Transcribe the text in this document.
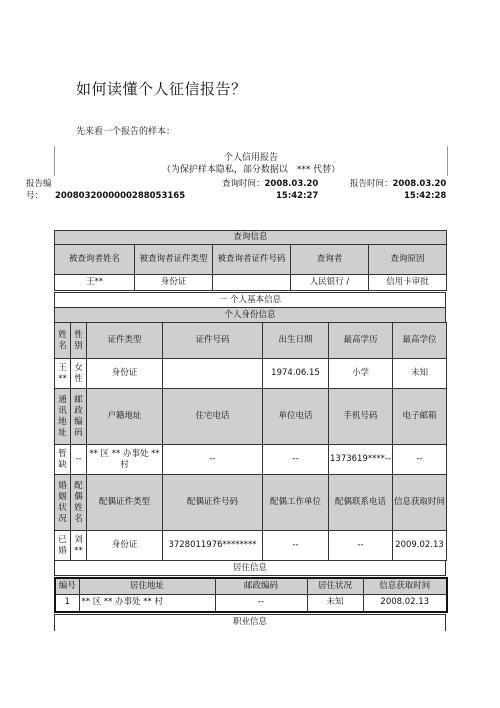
如何读懂个人征信报告？
先来看一个报告的样本：
个人信用报告
（为保护样本隐私，部分数据以　*** 代替）
报告编
号： 2008032000000288053165
查询时间：2008.03.20
15:42:27
报告时间：2008.03.20
15:42:28
查询信息				
被查询者姓名	被查询者证件类型	被查询者证件号码	查询者	查询原因
王**	身份证		人民银行 /	信用卡审批
一 个人基本信息
个人身份信息
姓名	性别	证件类型	证件号码	出生日期	最高学历	最高学位
王**	女性	身份证		1974.06.15	小学	未知
通讯地址	邮政编码	户籍地址	住宅电话	单位电话	手机号码	电子邮箱
暂缺	--	** 区 ** 办事处 ** 村	--	--	1373619****--	--
婚姻状况	配偶姓名	配偶证件类型	配偶证件号码	配偶工作单位	配偶联系电话	信息获取时间
已婚	刘**	身份证	3728011976********	--	--	2009.02.13
居住信息
编号	居住地址	邮政编码	居住状况	信息获取时间
1	** 区 ** 办事处 ** 村	--	未知	2008.02.13
职业信息
